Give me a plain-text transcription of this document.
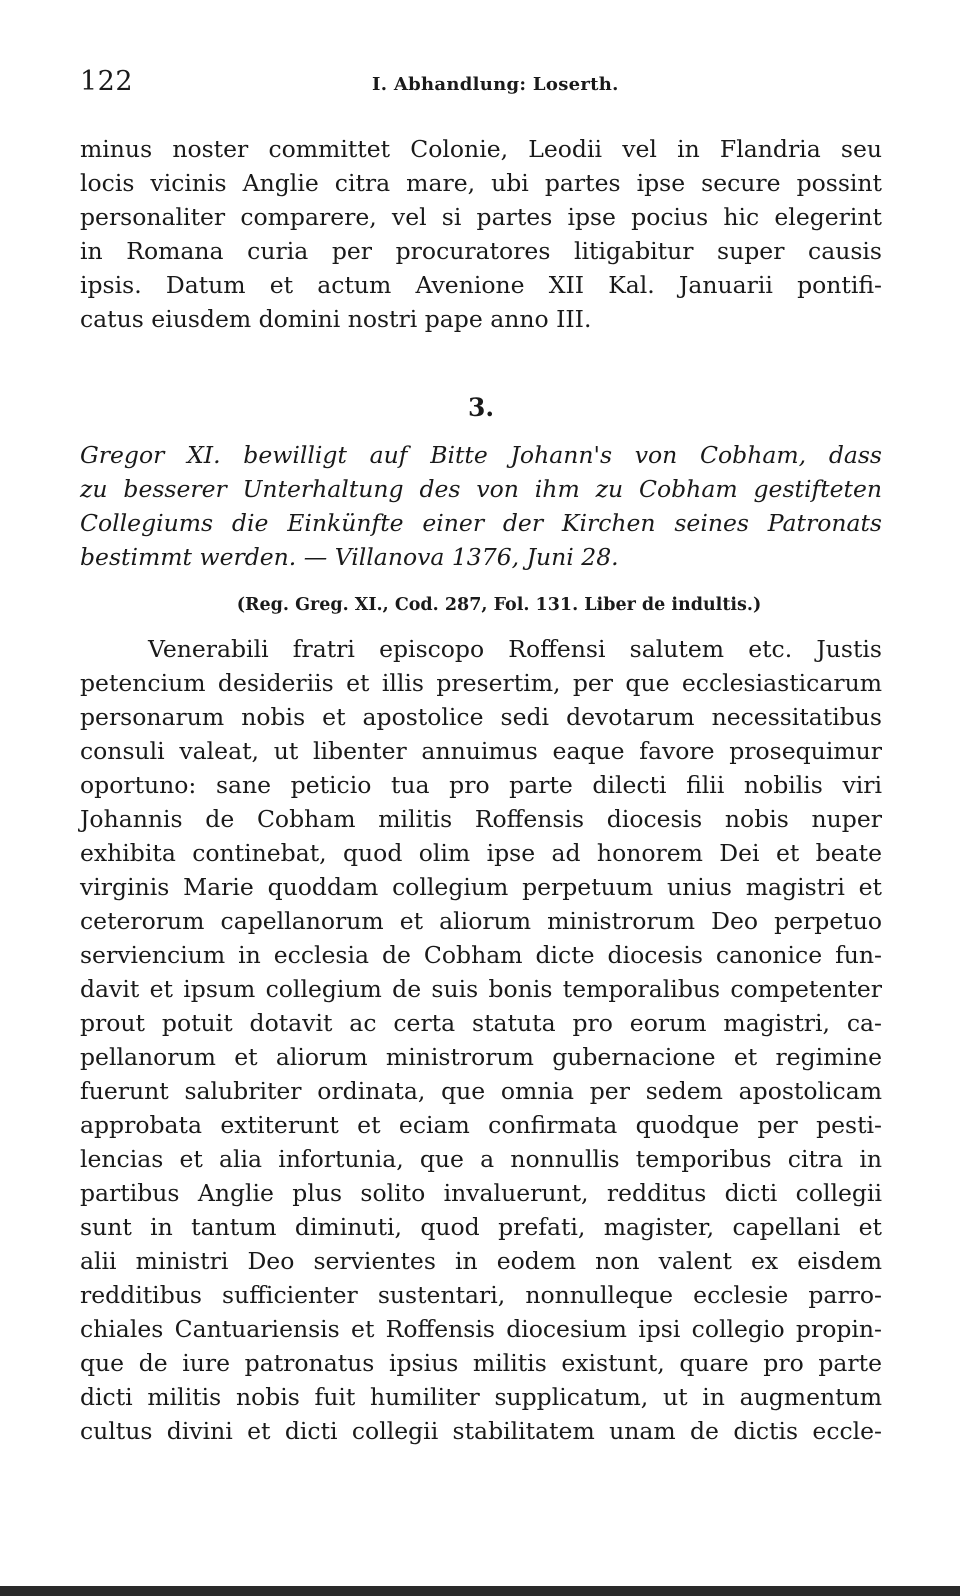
122	I. Abhandlung: Loserth.
minus noster committet Colonie, Leodii vel in Flandria seu
locis vicinis Anglie citra mare, ubi partes ipse secure possint
personaliter comparere, vel si partes ipse pocius hic elegerint
in Romana curia per procuratores litigabitur super causis
ipsis. Datum et actum Avenione XII Kal. Januarii pontifi-
catus eiusdem domini nostri pape anno III.
3.
Gregor XI. bewilligt auf Bitte Johann's von Cobham, dass
zu besserer Unterhaltung des von ihm zu Cobham gestifteten
Collegiums die Einkünfte einer der Kirchen seines Patronats
bestimmt werden. — Villanova 1376, Juni 28.
(Reg. Greg. XI., Cod. 287, Fol. 131. Liber de indultis.)
Venerabili fratri episcopo Roffensi salutem etc. Justis
petencium desideriis et illis presertim, per que ecclesiasticarum
personarum nobis et apostolice sedi devotarum necessitatibus
consuli valeat, ut libenter annuimus eaque favore prosequimur
oportuno: sane peticio tua pro parte dilecti filii nobilis viri
Johannis de Cobham militis Roffensis diocesis nobis nuper
exhibita continebat, quod olim ipse ad honorem Dei et beate
virginis Marie quoddam collegium perpetuum unius magistri et
ceterorum capellanorum et aliorum ministrorum Deo perpetuo
serviencium in ecclesia de Cobham dicte diocesis canonice fun-
davit et ipsum collegium de suis bonis temporalibus competenter
prout potuit dotavit ac certa statuta pro eorum magistri, ca-
pellanorum et aliorum ministrorum gubernacione et regimine
fuerunt salubriter ordinata, que omnia per sedem apostolicam
approbata extiterunt et eciam confirmata quodque per pesti-
lencias et alia infortunia, que a nonnullis temporibus citra in
partibus Anglie plus solito invaluerunt, redditus dicti collegii
sunt in tantum diminuti, quod prefati, magister, capellani et
alii ministri Deo servientes in eodem non valent ex eisdem
redditibus sufficienter sustentari, nonnulleque ecclesie parro-
chiales Cantuariensis et Roffensis diocesium ipsi collegio propin-
que de iure patronatus ipsius militis existunt, quare pro parte
dicti militis nobis fuit humiliter supplicatum, ut in augmentum
cultus divini et dicti collegii stabilitatem unam de dictis eccle-
